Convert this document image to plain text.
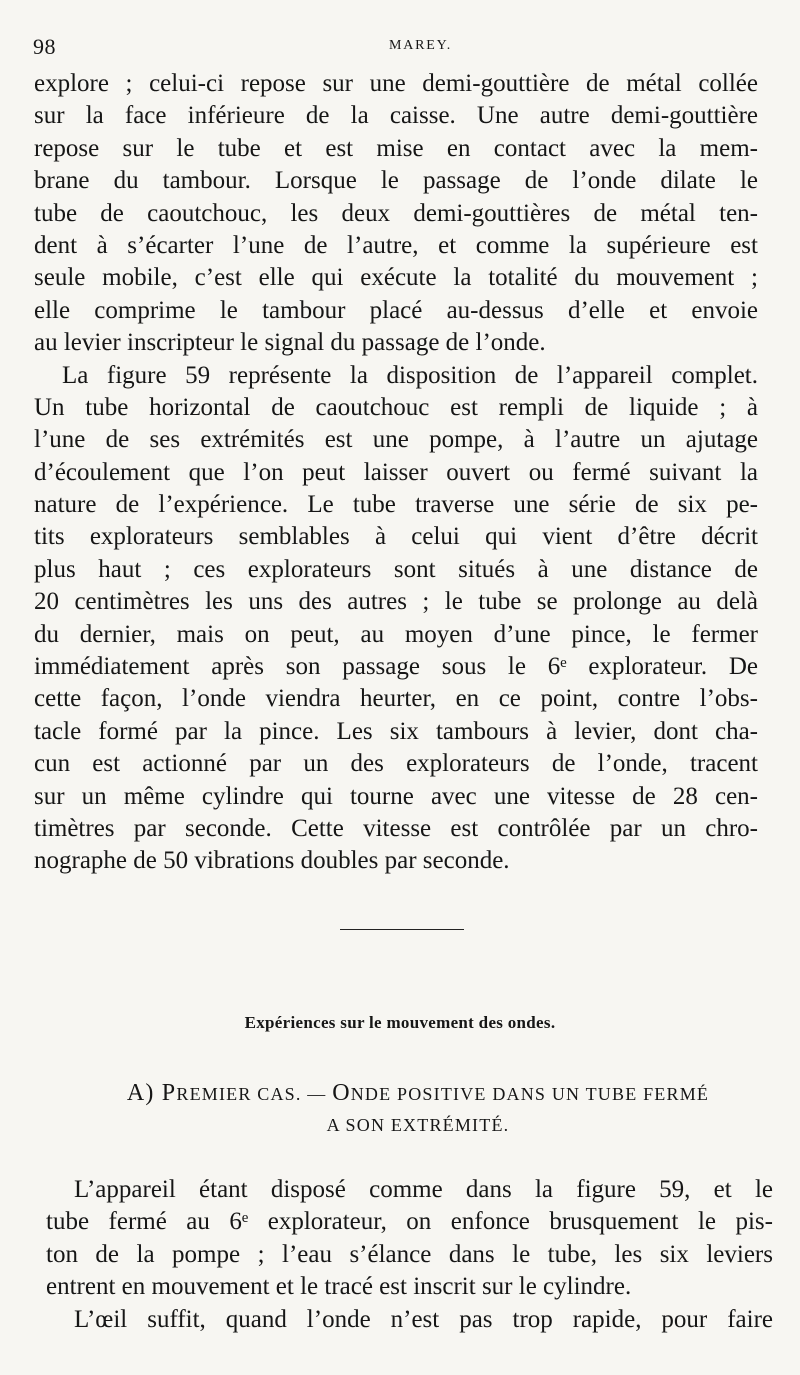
98	MAREY.
explore ; celui-ci repose sur une demi-gouttière de métal collée
sur la face inférieure de la caisse. Une autre demi-gouttière
repose sur le tube et est mise en contact avec la mem-
brane du tambour. Lorsque le passage de l’onde dilate le
tube de caoutchouc, les deux demi-gouttières de métal ten-
dent à s’écarter l’une de l’autre, et comme la supérieure est
seule mobile, c’est elle qui exécute la totalité du mouvement ;
elle comprime le tambour placé au-dessus d’elle et envoie
au levier inscripteur le signal du passage de l’onde.
La figure 59 représente la disposition de l’appareil complet.
Un tube horizontal de caoutchouc est rempli de liquide ; à
l’une de ses extrémités est une pompe, à l’autre un ajutage
d’écoulement que l’on peut laisser ouvert ou fermé suivant la
nature de l’expérience. Le tube traverse une série de six pe-
tits explorateurs semblables à celui qui vient d’être décrit
plus haut ; ces explorateurs sont situés à une distance de
20 centimètres les uns des autres ; le tube se prolonge au delà
du dernier, mais on peut, au moyen d’une pince, le fermer
immédiatement après son passage sous le 6ᵉ explorateur. De
cette façon, l’onde viendra heurter, en ce point, contre l’obs-
tacle formé par la pince. Les six tambours à levier, dont cha-
cun est actionné par un des explorateurs de l’onde, tracent
sur un même cylindre qui tourne avec une vitesse de 28 cen-
timètres par seconde. Cette vitesse est contrôlée par un chro-
nographe de 50 vibrations doubles par seconde.
Expériences sur le mouvement des ondes.
A) PREMIER CAS. — ONDE POSITIVE DANS UN TUBE FERMÉ
A SON EXTRÉMITÉ.
L’appareil étant disposé comme dans la figure 59, et le
tube fermé au 6ᵉ explorateur, on enfonce brusquement le pis-
ton de la pompe ; l’eau s’élance dans le tube, les six leviers
entrent en mouvement et le tracé est inscrit sur le cylindre.
L’œil suffit, quand l’onde n’est pas trop rapide, pour faire
